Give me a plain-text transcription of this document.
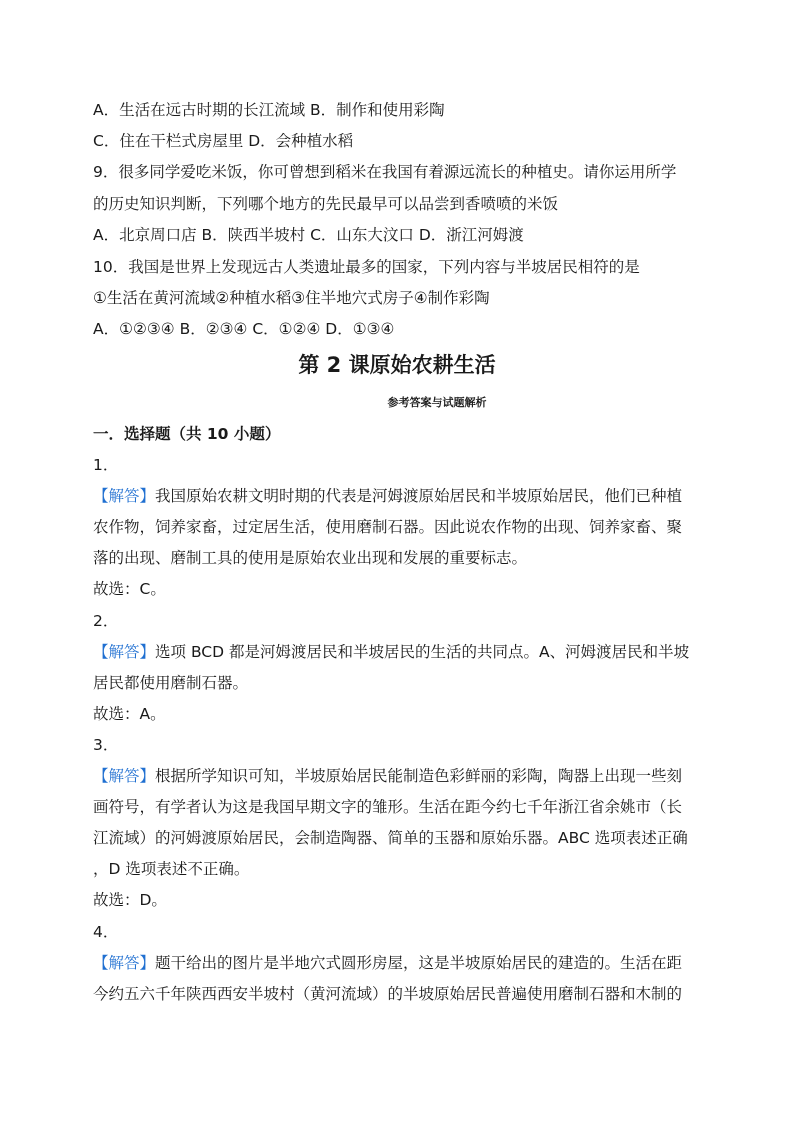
A．生活在远古时期的长江流域 B．制作和使用彩陶
C．住在干栏式房屋里 D．会种植水稻
9．很多同学爱吃米饭，你可曾想到稻米在我国有着源远流长的种植史。请你运用所学
的历史知识判断，下列哪个地方的先民最早可以品尝到香喷喷的米饭
A．北京周口店 B．陕西半坡村 C．山东大汶口 D．浙江河姆渡
10．我国是世界上发现远古人类遗址最多的国家，下列内容与半坡居民相符的是
①生活在黄河流域②种植水稻③住半地穴式房子④制作彩陶
A．①②③④ B．②③④ C．①②④ D．①③④
第 2 课原始农耕生活
参考答案与试题解析
一．选择题（共 10 小题）
1．
【解答】我国原始农耕文明时期的代表是河姆渡原始居民和半坡原始居民，他们已种植
农作物，饲养家畜，过定居生活，使用磨制石器。因此说农作物的出现、饲养家畜、聚
落的出现、磨制工具的使用是原始农业出现和发展的重要标志。
故选：C。
2．
【解答】选项 BCD 都是河姆渡居民和半坡居民的生活的共同点。A、河姆渡居民和半坡
居民都使用磨制石器。
故选：A。
3．
【解答】根据所学知识可知，半坡原始居民能制造色彩鲜丽的彩陶，陶器上出现一些刻
画符号，有学者认为这是我国早期文字的雏形。生活在距今约七千年浙江省余姚市（长
江流域）的河姆渡原始居民，会制造陶器、简单的玉器和原始乐器。ABC 选项表述正确
，D 选项表述不正确。
故选：D。
4．
【解答】题干给出的图片是半地穴式圆形房屋，这是半坡原始居民的建造的。生活在距
今约五六千年陕西西安半坡村（黄河流域）的半坡原始居民普遍使用磨制石器和木制的
